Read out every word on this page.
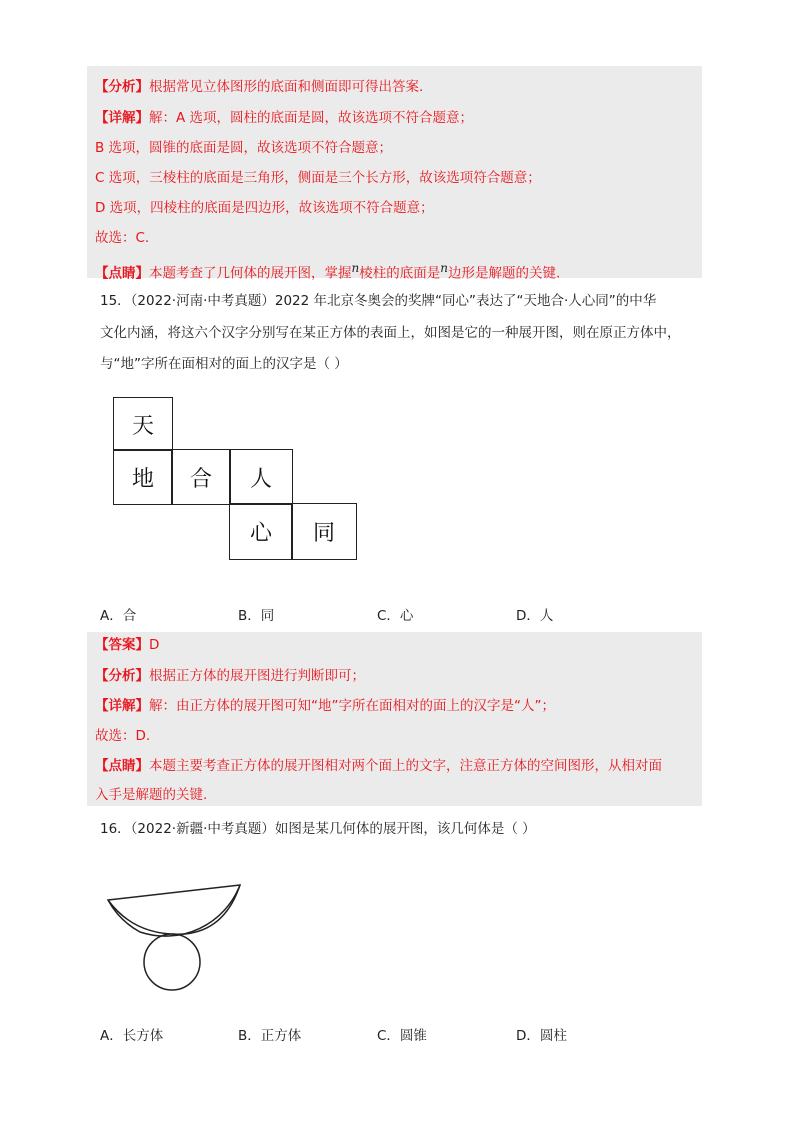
【分析】根据常见立体图形的底面和侧面即可得出答案.
【详解】解：A 选项，圆柱的底面是圆，故该选项不符合题意；
B 选项，圆锥的底面是圆，故该选项不符合题意；
C 选项，三棱柱的底面是三角形，侧面是三个长方形，故该选项符合题意；
D 选项，四棱柱的底面是四边形，故该选项不符合题意；
故选：C.
【点睛】本题考查了几何体的展开图，掌握n棱柱的底面是n边形是解题的关键.
15．（2022·河南·中考真题）2022 年北京冬奥会的奖牌“同心”表达了“天地合·人心同”的中华
文化内涵，将这六个汉字分别写在某正方体的表面上，如图是它的一种展开图，则在原正方体中，
与“地”字所在面相对的面上的汉字是（ ）
天
地	合	人
心	同
A．合	B．同	C．心	D．人
【答案】D
【分析】根据正方体的展开图进行判断即可；
【详解】解：由正方体的展开图可知“地”字所在面相对的面上的汉字是“人”；
故选：D.
【点睛】本题主要考查正方体的展开图相对两个面上的文字，注意正方体的空间图形，从相对面
入手是解题的关键.
16．（2022·新疆·中考真题）如图是某几何体的展开图，该几何体是（ ）
A．长方体	B．正方体	C．圆锥	D．圆柱
